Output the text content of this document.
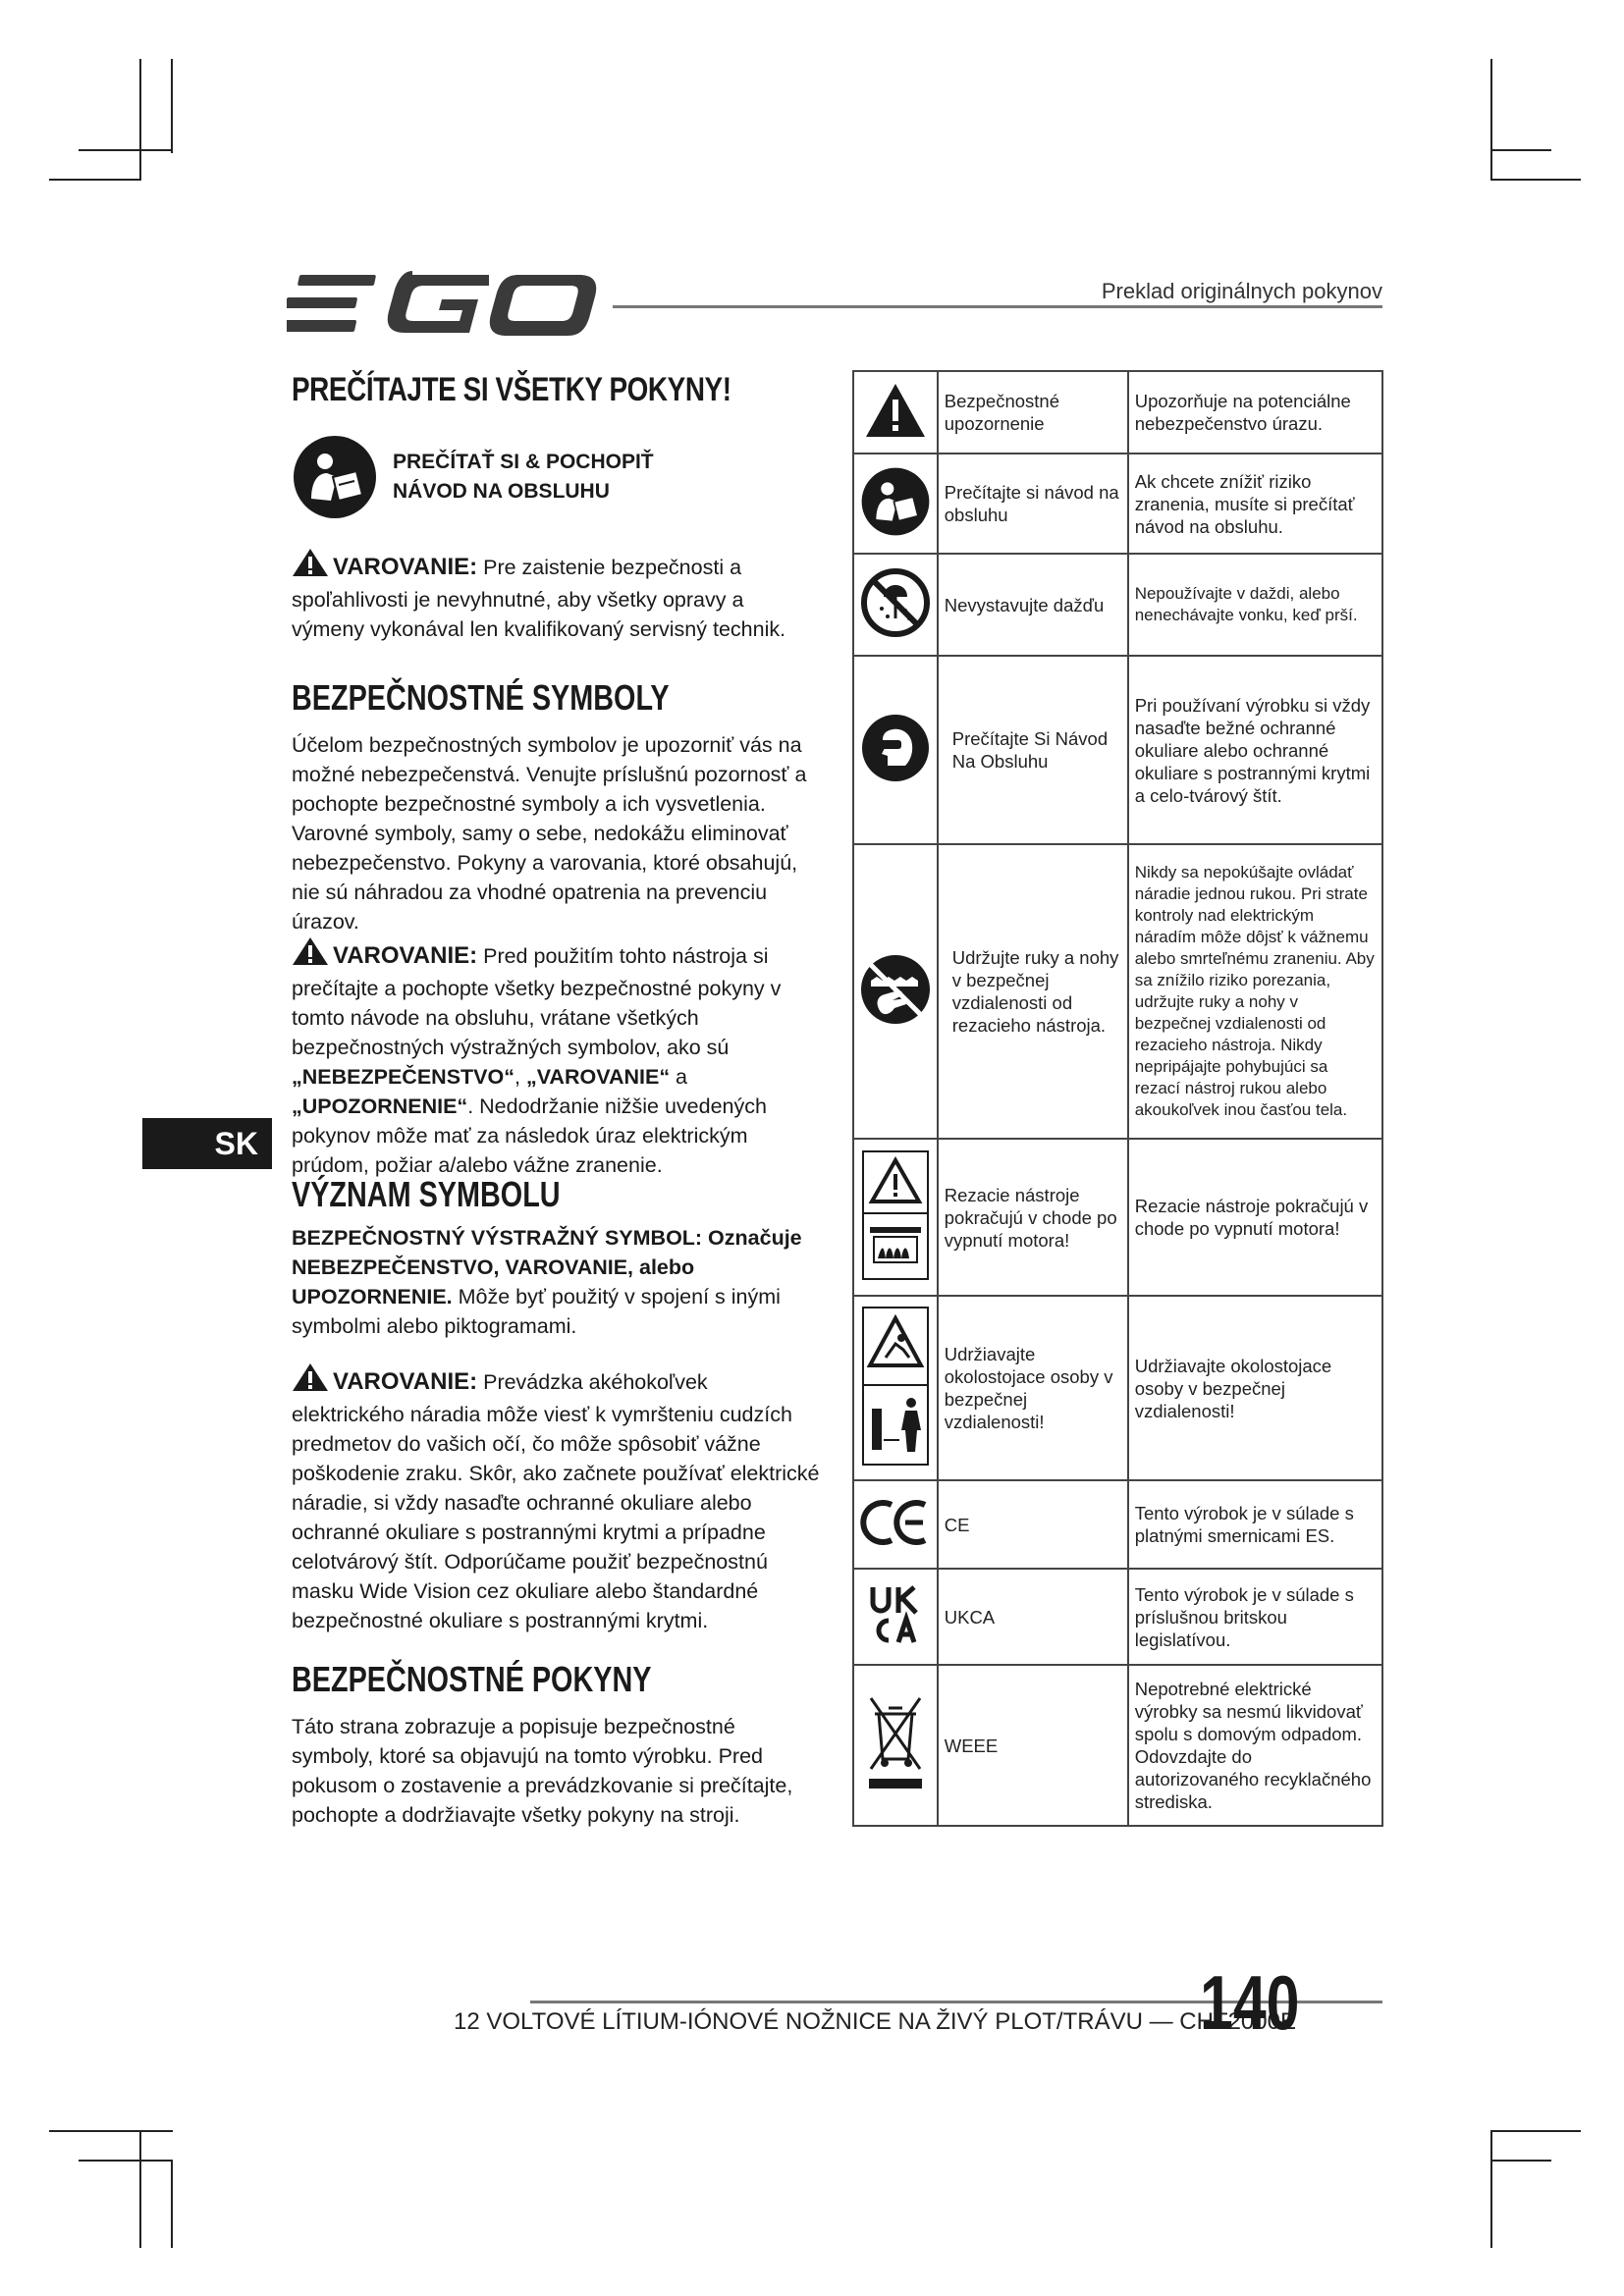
Preklad originálnych pokynov
PREČÍTAJTE SI VŠETKY POKYNY!
PREČÍTAŤ SI & POCHOPIŤ
NÁVOD NA OBSLUHU

VAROVANIE: Pre zaistenie bezpečnosti a spoľahlivosti je nevyhnutné, aby všetky opravy a výmeny vykonával len kvalifikovaný servisný technik.

BEZPEČNOSTNÉ SYMBOLY
Účelom bezpečnostných symbolov je upozorniť vás na možné nebezpečenstvá. Venujte príslušnú pozornosť a pochopte bezpečnostné symboly a ich vysvetlenia. Varovné symboly, samy o sebe, nedokážu eliminovať nebezpečenstvo. Pokyny a varovania, ktoré obsahujú, nie sú náhradou za vhodné opatrenia na prevenciu úrazov.

VAROVANIE: Pred použitím tohto nástroja si prečítajte a pochopte všetky bezpečnostné pokyny v tomto návode na obsluhu, vrátane všetkých bezpečnostných výstražných symbolov, ako sú „NEBEZPEČENSTVO“, „VAROVANIE“ a „UPOZORNENIE“. Nedodržanie nižšie uvedených pokynov môže mať za následok úraz elektrickým prúdom, požiar a/alebo vážne zranenie.

SK
VÝZNAM SYMBOLU

BEZPEČNOSTNÝ VÝSTRAŽNÝ SYMBOL: Označuje NEBEZPEČENSTVO, VAROVANIE, alebo UPOZORNENIE. Môže byť použitý v spojení s inými symbolmi alebo piktogramami.

VAROVANIE: Prevádzka akéhokoľvek elektrického náradia môže viesť k vymršteniu cudzích predmetov do vašich očí, čo môže spôsobiť vážne poškodenie zraku. Skôr, ako začnete používať elektrické náradie, si vždy nasaďte ochranné okuliare alebo ochranné okuliare s postrannými krytmi a prípadne celotvárový štít. Odporúčame použiť bezpečnostnú masku Wide Vision cez okuliare alebo štandardné bezpečnostné okuliare s postrannými krytmi.

BEZPEČNOSTNÉ POKYNY
Táto strana zobrazuje a popisuje bezpečnostné symboly, ktoré sa objavujú na tomto výrobku. Pred pokusom o zostavenie a prevádzkovanie si prečítajte, pochopte a dodržiavajte všetky pokyny na stroji.
	Bezpečnostné upozornenie	Upozorňuje na potenciálne nebezpečenstvo úrazu.
	Prečítajte si návod na obsluhu	Ak chcete znížiť riziko zranenia, musíte si prečítať návod na obsluhu.
	Nevystavujte dažďu	Nepoužívajte v daždi, alebo nenechávajte vonku, keď prší.
	Prečítajte Si Návod Na Obsluhu	Pri používaní výrobku si vždy nasaďte bežné ochranné okuliare alebo ochranné okuliare s postrannými krytmi a celo-tvárový štít.
	Udržujte ruky a nohy v bezpečnej vzdialenosti od rezacieho nástroja.	Nikdy sa nepokúšajte ovládať náradie jednou rukou. Pri strate kontroly nad elektrickým náradím môže dôjsť k vážnemu alebo smrteľnému zraneniu. Aby sa znížilo riziko porezania, udržujte ruky a nohy v bezpečnej vzdialenosti od rezacieho nástroja. Nikdy nepripájajte pohybujúci sa rezací nástroj rukou alebo akoukoľvek inou časťou tela.
	Rezacie nástroje pokračujú v chode po vypnutí motora!	Rezacie nástroje pokračujú v chode po vypnutí motora!
	Udržiavajte okolostojace osoby v bezpečnej vzdialenosti!	Udržiavajte okolostojace osoby v bezpečnej vzdialenosti!
	CE	Tento výrobok je v súlade s platnými smernicami ES.
	UKCA	Tento výrobok je v súlade s príslušnou britskou legislatívou.
	WEEE	Nepotrebné elektrické výrobky sa nesmú likvidovať spolu s domovým odpadom. Odovzdajte do autorizovaného recyklačného strediska.
12 VOLTOVÉ LÍTIUM-IÓNOVÉ NOŽNICE NA ŽIVÝ PLOT/TRÁVU — CHT2000E
140
